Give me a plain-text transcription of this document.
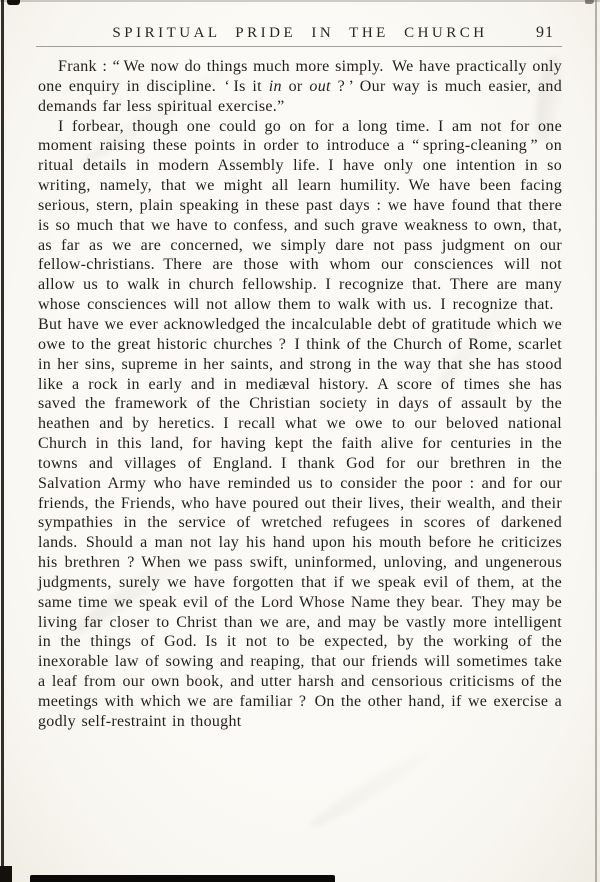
SPIRITUAL PRIDE IN THE CHURCH	91

Frank : “ We now do things much more simply. We have practically only one enquiry in discipline. ‘ Is it in or out ? ’ Our way is much easier, and demands far less spiritual exercise.”

I forbear, though one could go on for a long time. I am not for one moment raising these points in order to introduce a “ spring-cleaning ” on ritual details in modern Assembly life. I have only one intention in so writing, namely, that we might all learn humility. We have been facing serious, stern, plain speaking in these past days : we have found that there is so much that we have to confess, and such grave weakness to own, that, as far as we are concerned, we simply dare not pass judgment on our fellow-christians. There are those with whom our consciences will not allow us to walk in church fellowship. I recognize that. There are many whose consciences will not allow them to walk with us. I recognize that. But have we ever acknowledged the incalculable debt of gratitude which we owe to the great historic churches ? I think of the Church of Rome, scarlet in her sins, supreme in her saints, and strong in the way that she has stood like a rock in early and in mediæval history. A score of times she has saved the framework of the Christian society in days of assault by the heathen and by heretics. I recall what we owe to our beloved national Church in this land, for having kept the faith alive for centuries in the towns and villages of England. I thank God for our brethren in the Salvation Army who have reminded us to consider the poor : and for our friends, the Friends, who have poured out their lives, their wealth, and their sympathies in the service of wretched refugees in scores of darkened lands. Should a man not lay his hand upon his mouth before he criticizes his brethren ? When we pass swift, uninformed, unloving, and ungenerous judgments, surely we have forgotten that if we speak evil of them, at the same time we speak evil of the Lord Whose Name they bear. They may be living far closer to Christ than we are, and may be vastly more intelligent in the things of God. Is it not to be expected, by the working of the inexorable law of sowing and reaping, that our friends will sometimes take a leaf from our own book, and utter harsh and censorious criticisms of the meetings with which we are familiar ? On the other hand, if we exercise a godly self-restraint in thought
